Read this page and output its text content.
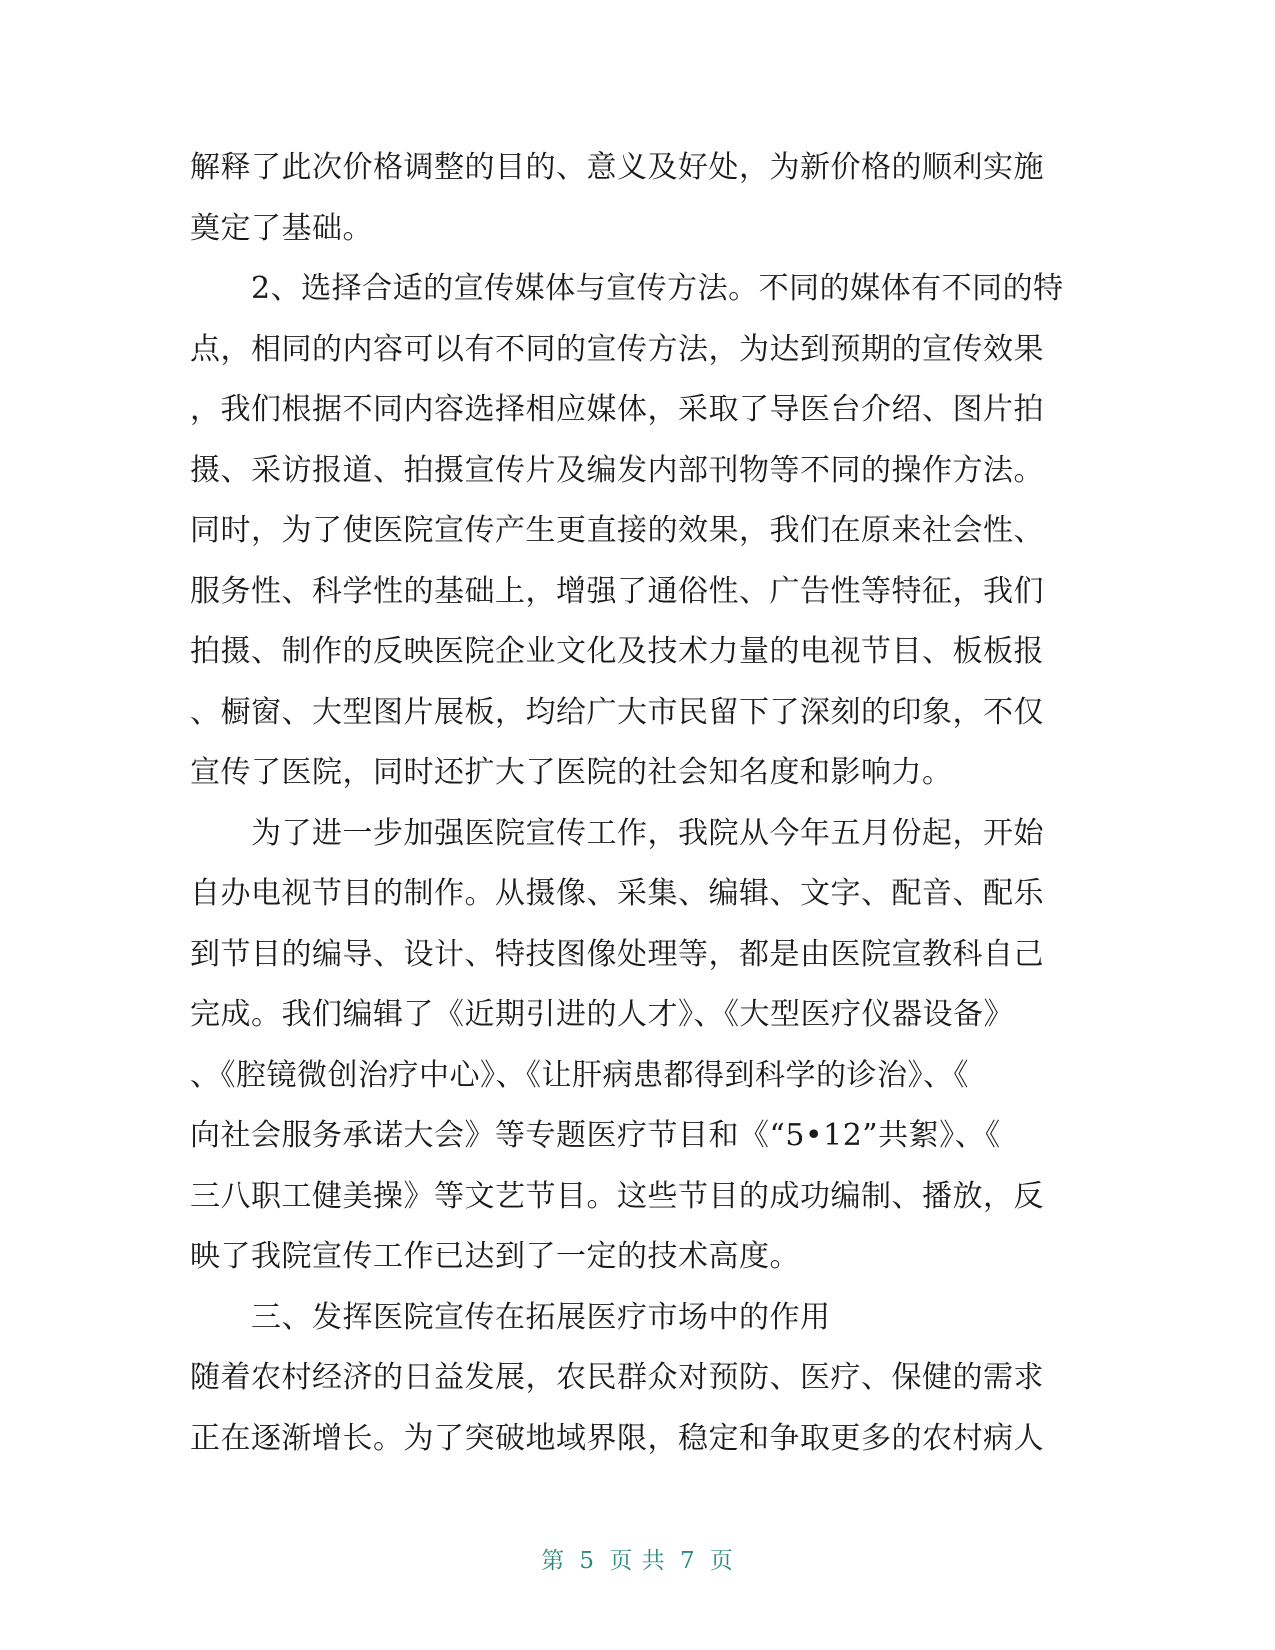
解释了此次价格调整的目的、意义及好处，为新价格的顺利实施
奠定了基础。
　　2、选择合适的宣传媒体与宣传方法。不同的媒体有不同的特
点，相同的内容可以有不同的宣传方法，为达到预期的宣传效果
，我们根据不同内容选择相应媒体，采取了导医台介绍、图片拍
摄、采访报道、拍摄宣传片及编发内部刊物等不同的操作方法。
同时，为了使医院宣传产生更直接的效果，我们在原来社会性、
服务性、科学性的基础上，增强了通俗性、广告性等特征，我们
拍摄、制作的反映医院企业文化及技术力量的电视节目、板板报
、橱窗、大型图片展板，均给广大市民留下了深刻的印象，不仅
宣传了医院，同时还扩大了医院的社会知名度和影响力。
　　为了进一步加强医院宣传工作，我院从今年五月份起，开始
自办电视节目的制作。从摄像、采集、编辑、文字、配音、配乐
到节目的编导、设计、特技图像处理等，都是由医院宣教科自己
完成。我们编辑了《近期引进的人才》、《大型医疗仪器设备》
、《腔镜微创治疗中心》、《让肝病患都得到科学的诊治》、《
向社会服务承诺大会》等专题医疗节目和《“5•12”共絮》、《
三八职工健美操》等文艺节目。这些节目的成功编制、播放，反
映了我院宣传工作已达到了一定的技术高度。
　　三、发挥医院宣传在拓展医疗市场中的作用
随着农村经济的日益发展，农民群众对预防、医疗、保健的需求
正在逐渐增长。为了突破地域界限，稳定和争取更多的农村病人
第 5 页 共 7 页
